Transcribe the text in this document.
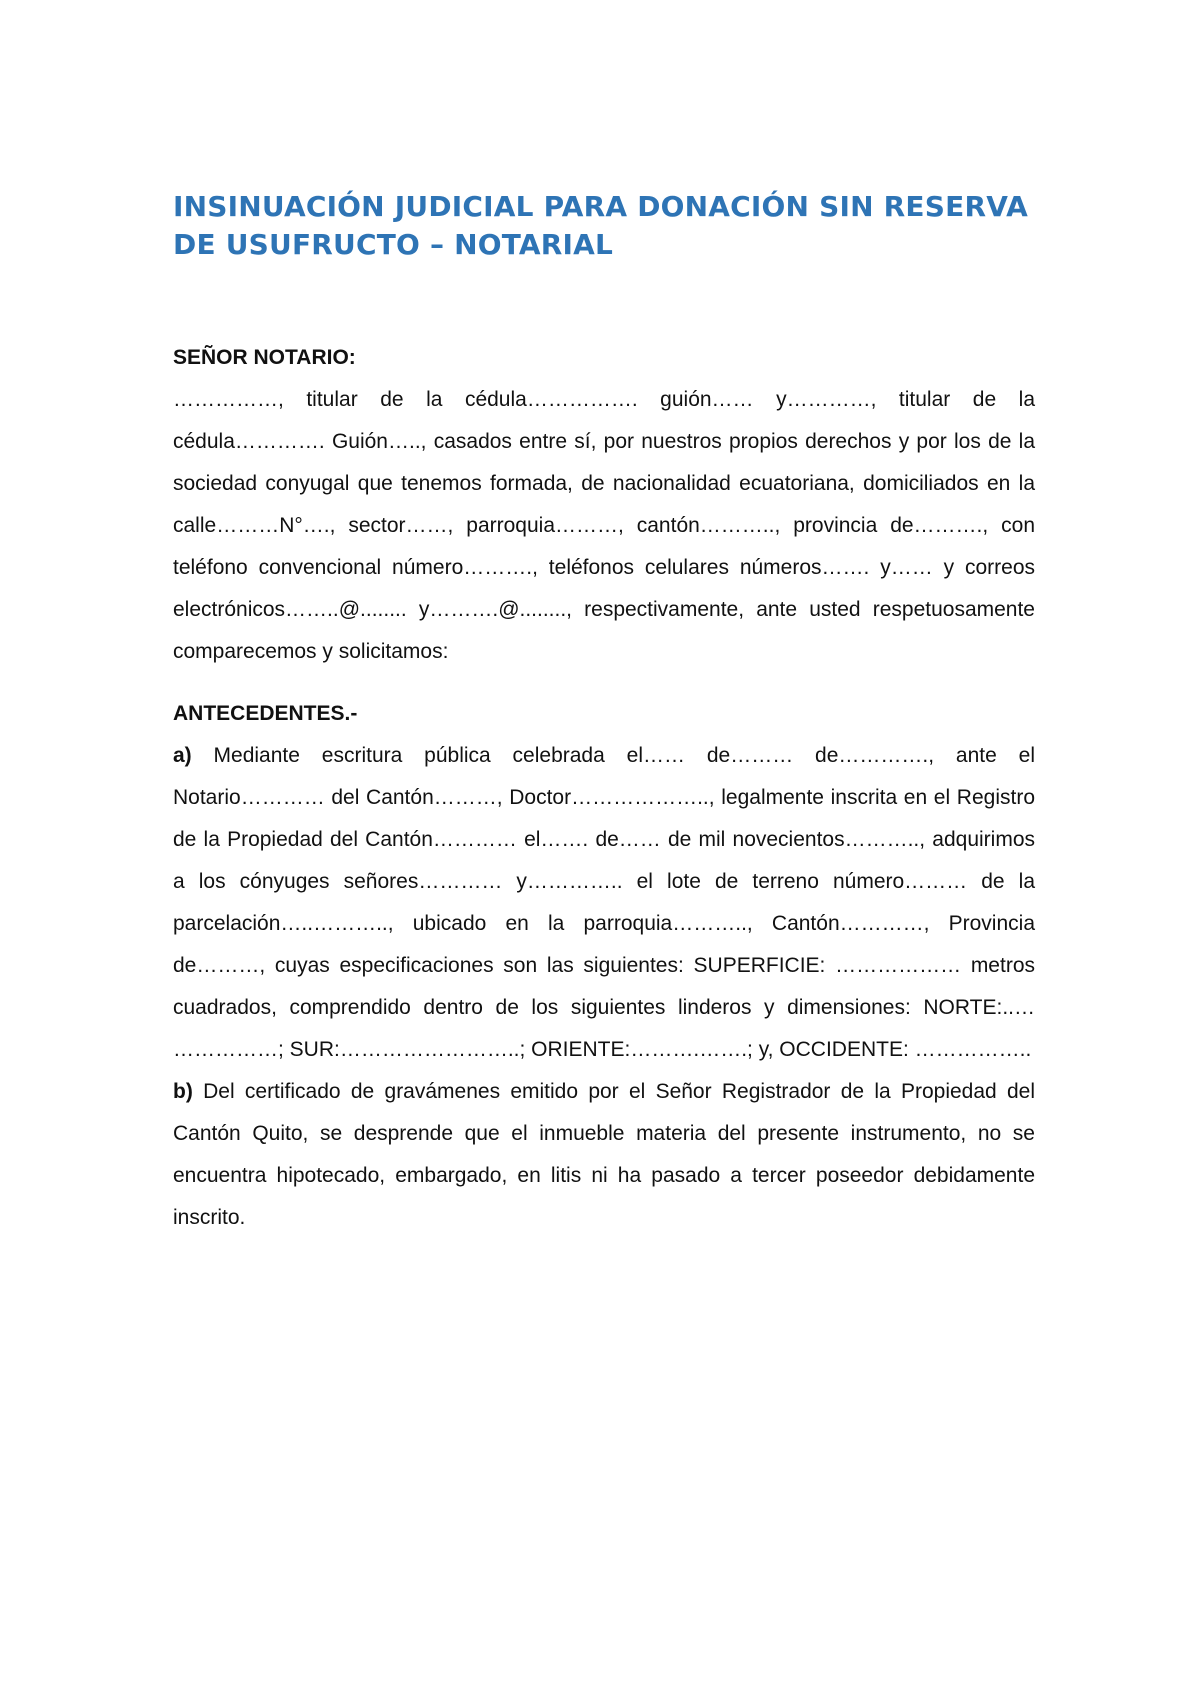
INSINUACIÓN JUDICIAL PARA DONACIÓN SIN RESERVA DE USUFRUCTO – NOTARIAL
SEÑOR NOTARIO:

……………, titular de la cédula……………. guión…… y…………, titular de la cédula…………. Guión….., casados entre sí, por nuestros propios derechos y por los de la sociedad conyugal que tenemos formada, de nacionalidad ecuatoriana, domiciliados en la calle………N°…., sector……, parroquia………, cantón……….., provincia de………., con teléfono convencional número………., teléfonos celulares números……. y…… y correos electrónicos……..@........ y……….@........, respectivamente, ante usted respetuosamente comparecemos y solicitamos:

ANTECEDENTES.-

a) Mediante escritura pública celebrada el…… de……… de…………., ante el Notario………… del Cantón………, Doctor……………….., legalmente inscrita en el Registro de la Propiedad del Cantón………… el……. de…… de mil novecientos……….., adquirimos a los cónyuges señores………… y………….. el lote de terreno número……… de la parcelación…..……….., ubicado en la parroquia……….., Cantón…………, Provincia de………, cuyas especificaciones son las siguientes: SUPERFICIE: ……………… metros cuadrados, comprendido dentro de los siguientes linderos y dimensiones: NORTE:..… ……………; SUR:……………………..; ORIENTE:……….…….; y, OCCIDENTE: ……………..

b) Del certificado de gravámenes emitido por el Señor Registrador de la Propiedad del Cantón Quito, se desprende que el inmueble materia del presente instrumento, no se encuentra hipotecado, embargado, en litis ni ha pasado a tercer poseedor debidamente inscrito.
